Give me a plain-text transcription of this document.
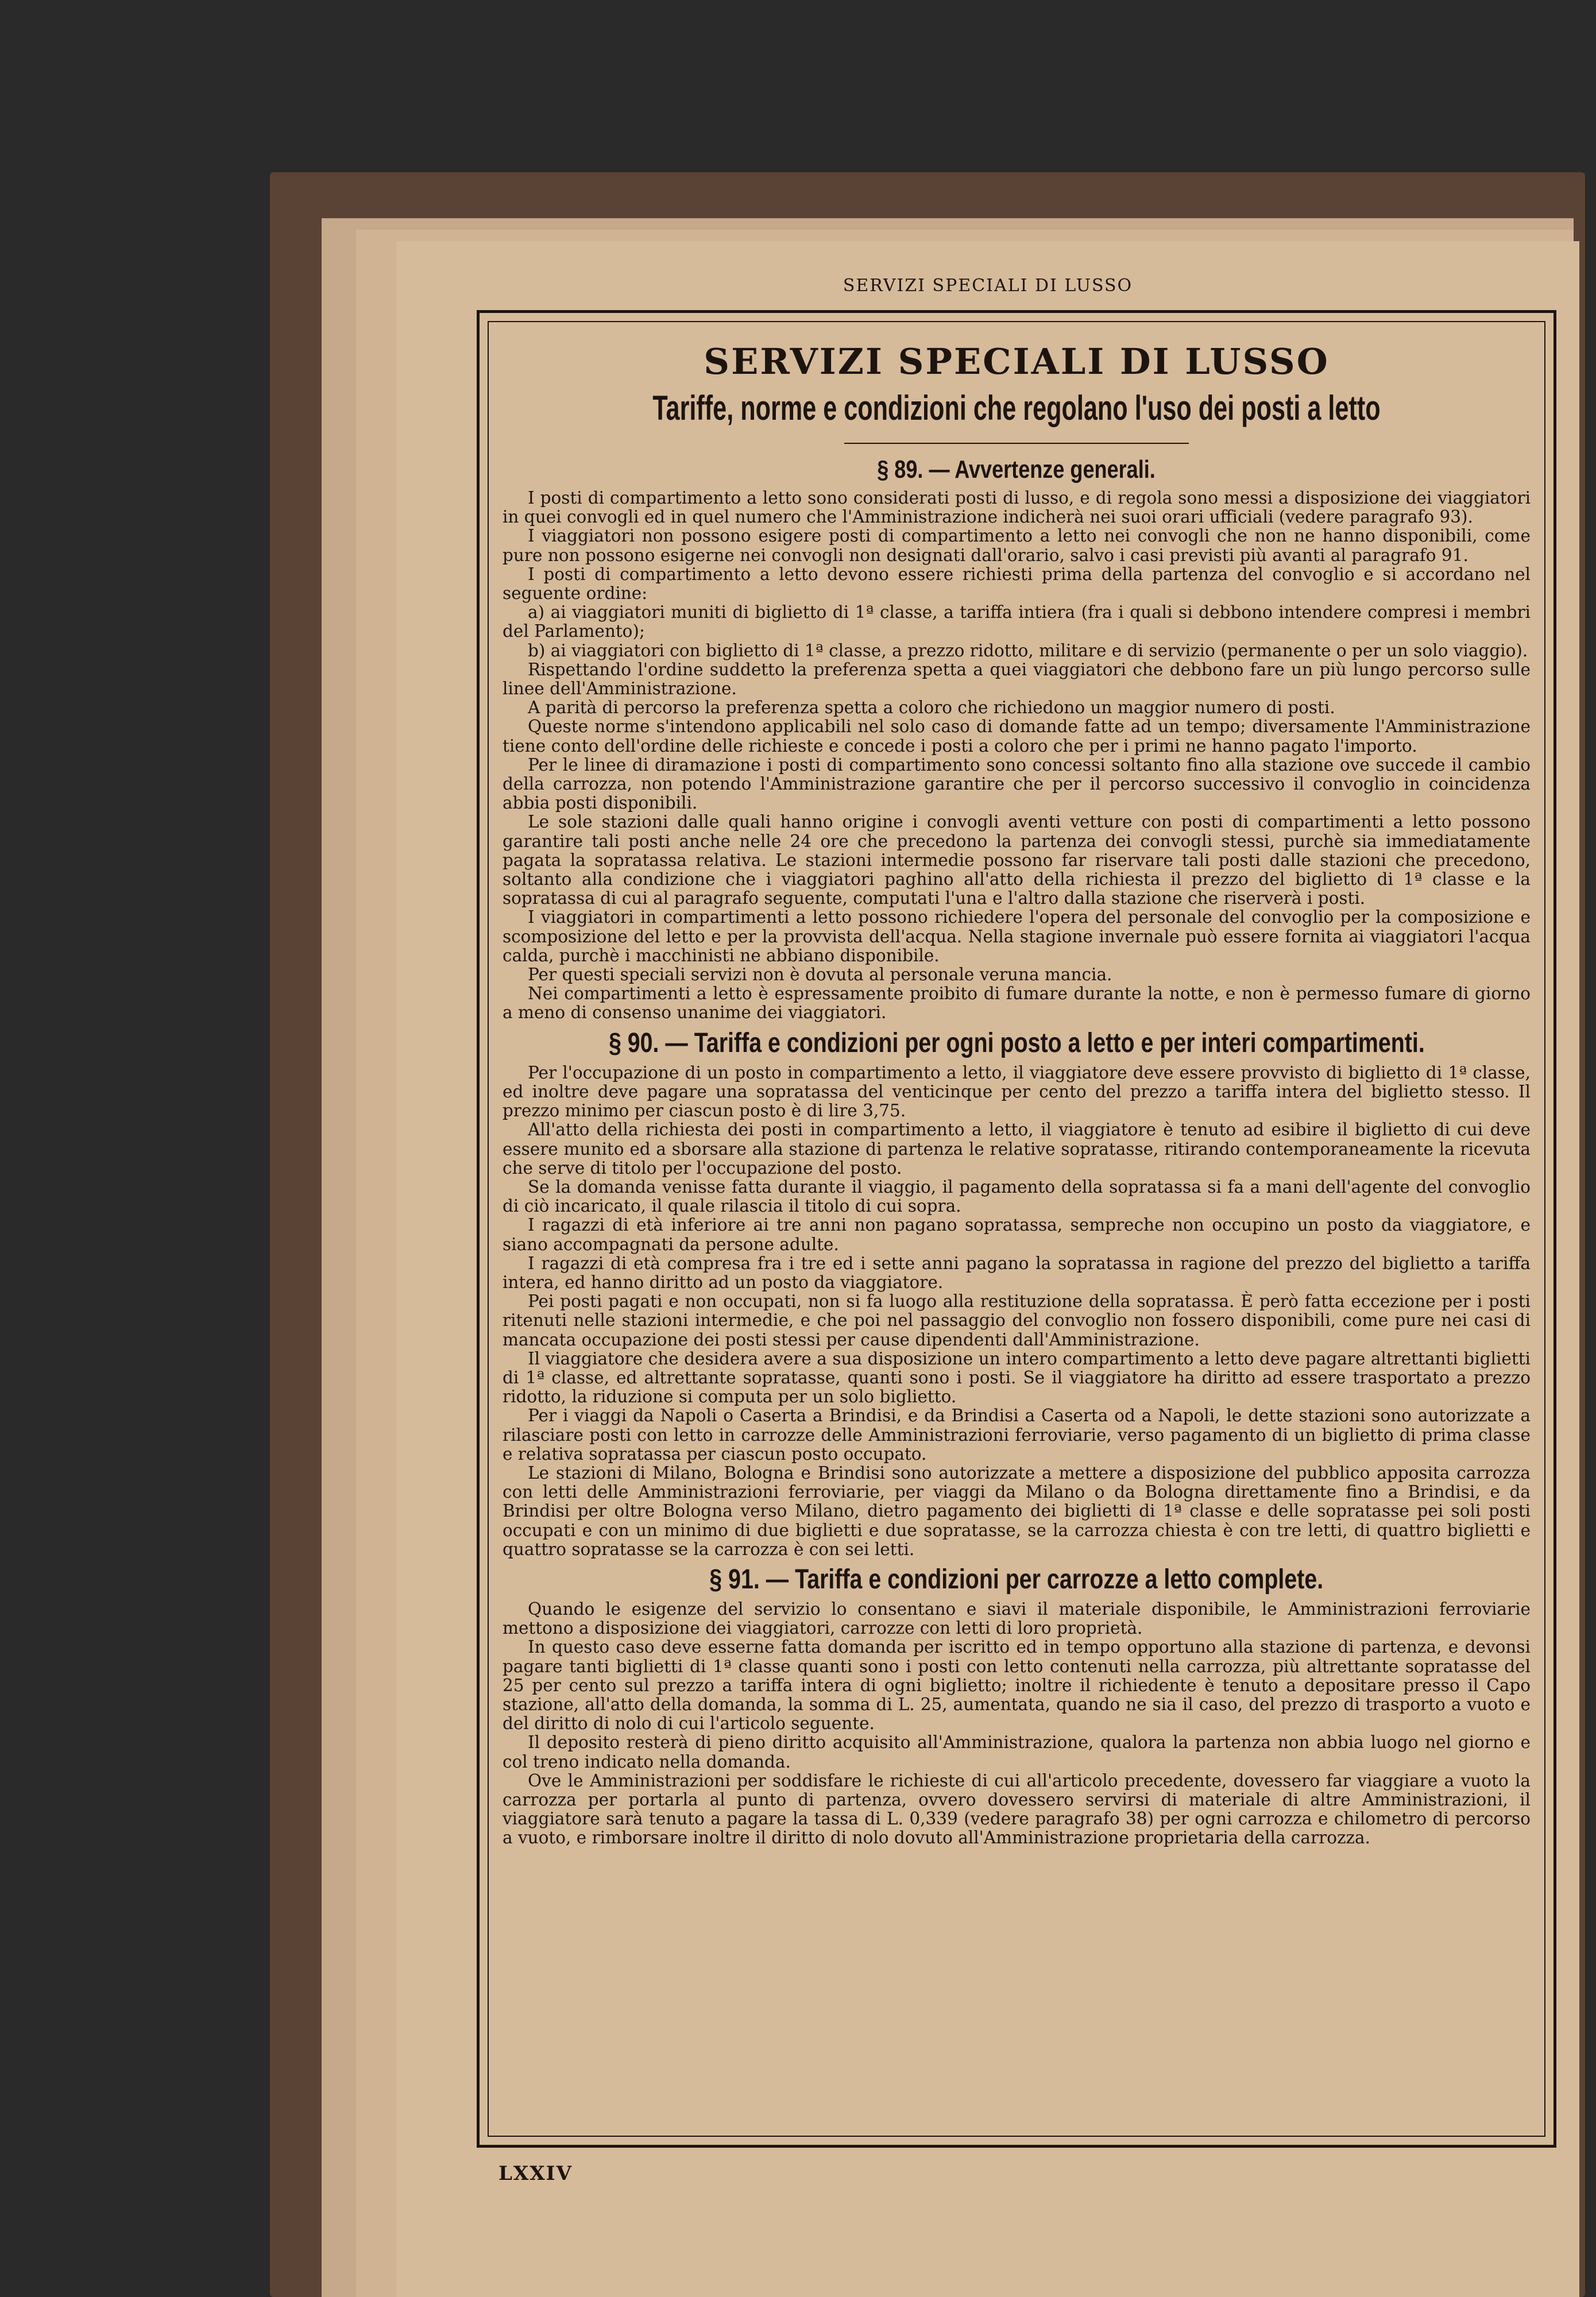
SERVIZI SPECIALI DI LUSSO
SERVIZI SPECIALI DI LUSSO
Tariffe, norme e condizioni che regolano l'uso dei posti a letto
§ 89. — Avvertenze generali.

I posti di compartimento a letto sono considerati posti di lusso, e di regola sono messi a disposizione dei viaggiatori in quei convogli ed in quel numero che l'Amministrazione indicherà nei suoi orari ufficiali (vedere paragrafo 93).

I viaggiatori non possono esigere posti di compartimento a letto nei convogli che non ne hanno disponibili, come pure non possono esigerne nei convogli non designati dall'orario, salvo i casi previsti più avanti al paragrafo 91.

I posti di compartimento a letto devono essere richiesti prima della partenza del convoglio e si accordano nel seguente ordine:

a) ai viaggiatori muniti di biglietto di 1ª classe, a tariffa intiera (fra i quali si debbono intendere compresi i membri del Parlamento);

b) ai viaggiatori con biglietto di 1ª classe, a prezzo ridotto, militare e di servizio (permanente o per un solo viaggio).

Rispettando l'ordine suddetto la preferenza spetta a quei viaggiatori che debbono fare un più lungo percorso sulle linee dell'Amministrazione.

A parità di percorso la preferenza spetta a coloro che richiedono un maggior numero di posti.

Queste norme s'intendono applicabili nel solo caso di domande fatte ad un tempo; diversamente l'Amministrazione tiene conto dell'ordine delle richieste e concede i posti a coloro che per i primi ne hanno pagato l'importo.

Per le linee di diramazione i posti di compartimento sono concessi soltanto fino alla stazione ove succede il cambio della carrozza, non potendo l'Amministrazione garantire che per il percorso successivo il convoglio in coincidenza abbia posti disponibili.

Le sole stazioni dalle quali hanno origine i convogli aventi vetture con posti di compartimenti a letto possono garantire tali posti anche nelle 24 ore che precedono la partenza dei convogli stessi, purchè sia immediatamente pagata la sopratassa relativa. Le stazioni intermedie possono far riservare tali posti dalle stazioni che precedono, soltanto alla condizione che i viaggiatori paghino all'atto della richiesta il prezzo del biglietto di 1ª classe e la sopratassa di cui al paragrafo seguente, computati l'una e l'altro dalla stazione che riserverà i posti.

I viaggiatori in compartimenti a letto possono richiedere l'opera del personale del convoglio per la composizione e scomposizione del letto e per la provvista dell'acqua. Nella stagione invernale può essere fornita ai viaggiatori l'acqua calda, purchè i macchinisti ne abbiano disponibile.

Per questi speciali servizi non è dovuta al personale veruna mancia.

Nei compartimenti a letto è espressamente proibito di fumare durante la notte, e non è permesso fumare di giorno a meno di consenso unanime dei viaggiatori.

§ 90. — Tariffa e condizioni per ogni posto a letto e per interi compartimenti.

Per l'occupazione di un posto in compartimento a letto, il viaggiatore deve essere provvisto di biglietto di 1ª classe, ed inoltre deve pagare una sopratassa del venticinque per cento del prezzo a tariffa intera del biglietto stesso. Il prezzo minimo per ciascun posto è di lire 3,75.

All'atto della richiesta dei posti in compartimento a letto, il viaggiatore è tenuto ad esibire il biglietto di cui deve essere munito ed a sborsare alla stazione di partenza le relative sopratasse, ritirando contemporaneamente la ricevuta che serve di titolo per l'occupazione del posto.

Se la domanda venisse fatta durante il viaggio, il pagamento della sopratassa si fa a mani dell'agente del convoglio di ciò incaricato, il quale rilascia il titolo di cui sopra.

I ragazzi di età inferiore ai tre anni non pagano sopratassa, sempreche non occupino un posto da viaggiatore, e siano accompagnati da persone adulte.

I ragazzi di età compresa fra i tre ed i sette anni pagano la sopratassa in ragione del prezzo del biglietto a tariffa intera, ed hanno diritto ad un posto da viaggiatore.

Pei posti pagati e non occupati, non si fa luogo alla restituzione della sopratassa. È però fatta eccezione per i posti ritenuti nelle stazioni intermedie, e che poi nel passaggio del convoglio non fossero disponibili, come pure nei casi di mancata occupazione dei posti stessi per cause dipendenti dall'Amministrazione.

Il viaggiatore che desidera avere a sua disposizione un intero compartimento a letto deve pagare altrettanti biglietti di 1ª classe, ed altrettante sopratasse, quanti sono i posti. Se il viaggiatore ha diritto ad essere trasportato a prezzo ridotto, la riduzione si computa per un solo biglietto.

Per i viaggi da Napoli o Caserta a Brindisi, e da Brindisi a Caserta od a Napoli, le dette stazioni sono autorizzate a rilasciare posti con letto in carrozze delle Amministrazioni ferroviarie, verso pagamento di un biglietto di prima classe e relativa sopratassa per ciascun posto occupato.

Le stazioni di Milano, Bologna e Brindisi sono autorizzate a mettere a disposizione del pubblico apposita carrozza con letti delle Amministrazioni ferroviarie, per viaggi da Milano o da Bologna direttamente fino a Brindisi, e da Brindisi per oltre Bologna verso Milano, dietro pagamento dei biglietti di 1ª classe e delle sopratasse pei soli posti occupati e con un minimo di due biglietti e due sopratasse, se la carrozza chiesta è con tre letti, di quattro biglietti e quattro sopratasse se la carrozza è con sei letti.

§ 91. — Tariffa e condizioni per carrozze a letto complete.

Quando le esigenze del servizio lo consentano e siavi il materiale disponibile, le Amministrazioni ferroviarie mettono a disposizione dei viaggiatori, carrozze con letti di loro proprietà.

In questo caso deve esserne fatta domanda per iscritto ed in tempo opportuno alla stazione di partenza, e devonsi pagare tanti biglietti di 1ª classe quanti sono i posti con letto contenuti nella carrozza, più altrettante sopratasse del 25 per cento sul prezzo a tariffa intera di ogni biglietto; inoltre il richiedente è tenuto a depositare presso il Capo stazione, all'atto della domanda, la somma di L. 25, aumentata, quando ne sia il caso, del prezzo di trasporto a vuoto e del diritto di nolo di cui l'articolo seguente.

Il deposito resterà di pieno diritto acquisito all'Amministrazione, qualora la partenza non abbia luogo nel giorno e col treno indicato nella domanda.

Ove le Amministrazioni per soddisfare le richieste di cui all'articolo precedente, dovessero far viaggiare a vuoto la carrozza per portarla al punto di partenza, ovvero dovessero servirsi di materiale di altre Amministrazioni, il viaggiatore sarà tenuto a pagare la tassa di L. 0,339 (vedere paragrafo 38) per ogni carrozza e chilometro di percorso a vuoto, e rimborsare inoltre il diritto di nolo dovuto all'Amministrazione proprietaria della carrozza.

LXXIV
